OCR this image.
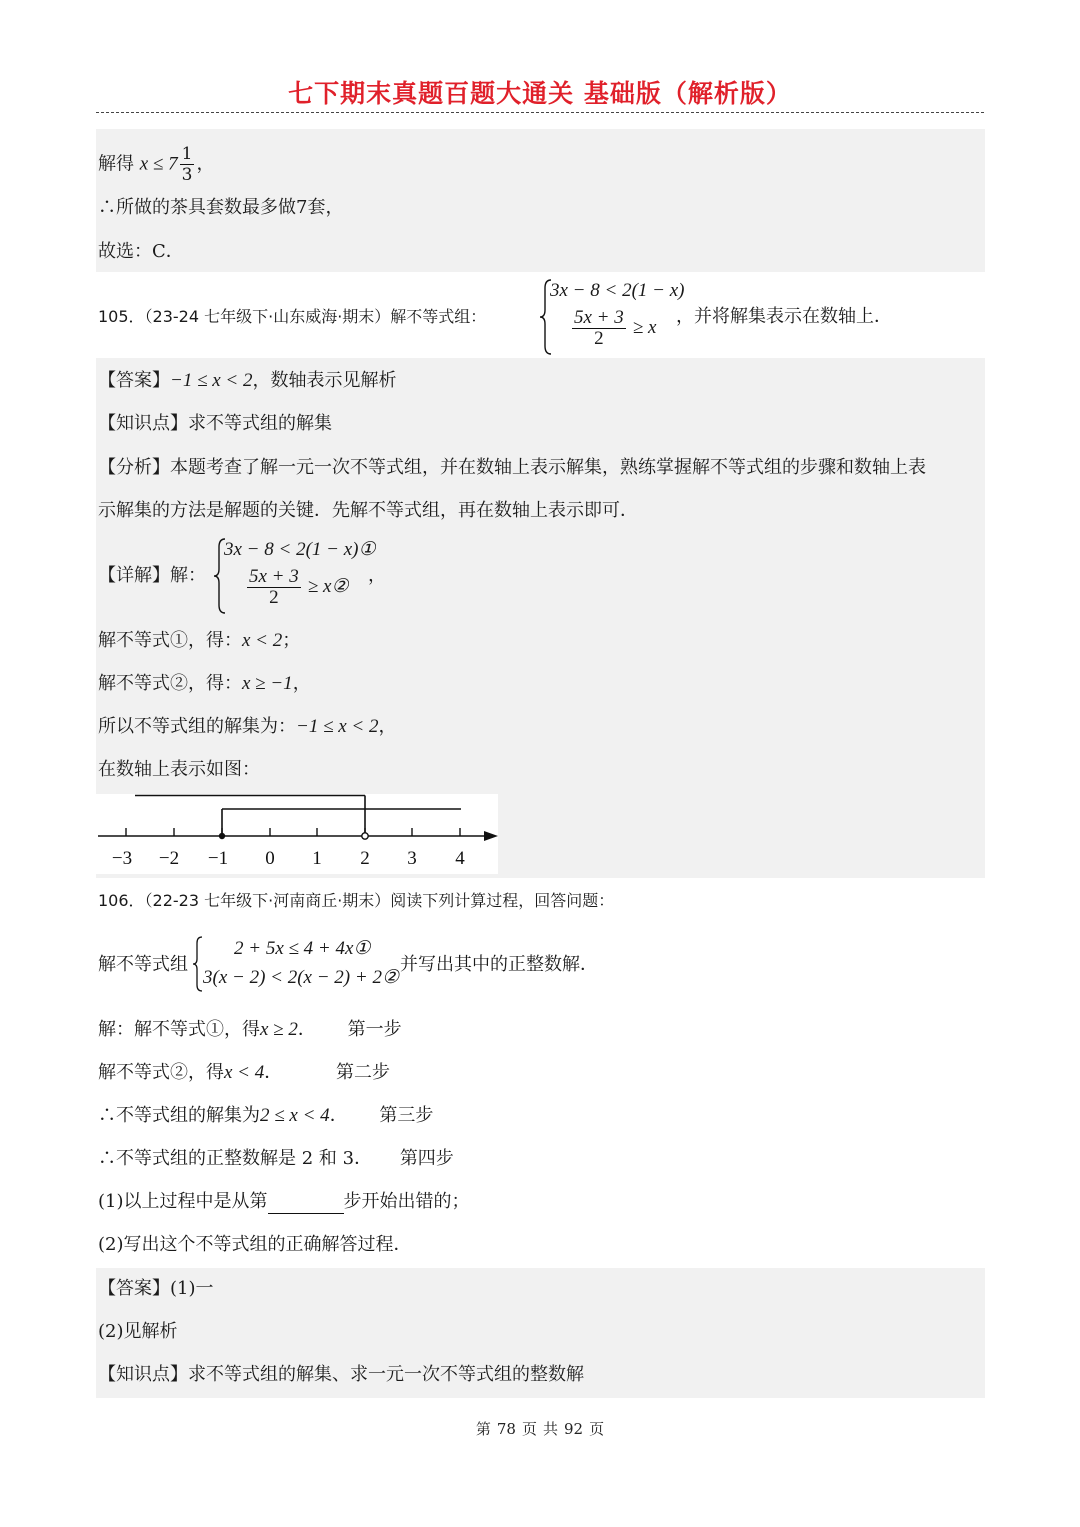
七下期末真题百题大通关 基础版（解析版）
解得 $x \le 7 \frac{1}{3}$ ，
∴所做的茶具套数最多做7套，
故选：C．
105．（23-24 七年级下·山东威海·期末）解不等式组：
3x − 8 < 2(1 − x)
$\frac{5x + 3}{2} \ge x$
，并将解集表示在数轴上．
【答案】−1 ≤ x < 2，数轴表示见解析
【知识点】求不等式组的解集
【分析】本题考查了解一元一次不等式组，并在数轴上表示解集，熟练掌握解不等式组的步骤和数轴上表
示解集的方法是解题的关键．先解不等式组，再在数轴上表示即可．
【详解】解：
3x − 8 < 2(1 − x)①
$\frac{5x + 3}{2}$ ≥ x②
，
解不等式①，得：x < 2；
解不等式②，得：x ≥ −1，
所以不等式组的解集为：−1 ≤ x < 2，
在数轴上表示如图：
−3 −2 −1 0 1 2 3 4
106．（22-23 七年级下·河南商丘·期末）阅读下列计算过程，回答问题：
解不等式组
2 + 5x ≤ 4 + 4x①
3(x − 2) < 2(x − 2) + 2②
并写出其中的正整数解．
解：解不等式①，得x ≥ 2． 第一步
解不等式②，得x < 4．	第二步
∴不等式组的解集为2 ≤ x < 4． 第三步
∴不等式组的正整数解是 2 和 3． 第四步
(1)以上过程中是从第	步开始出错的；
(2)写出这个不等式组的正确解答过程．
【答案】(1)一
(2)见解析
【知识点】求不等式组的解集、求一元一次不等式组的整数解
第 78 页 共 92 页
